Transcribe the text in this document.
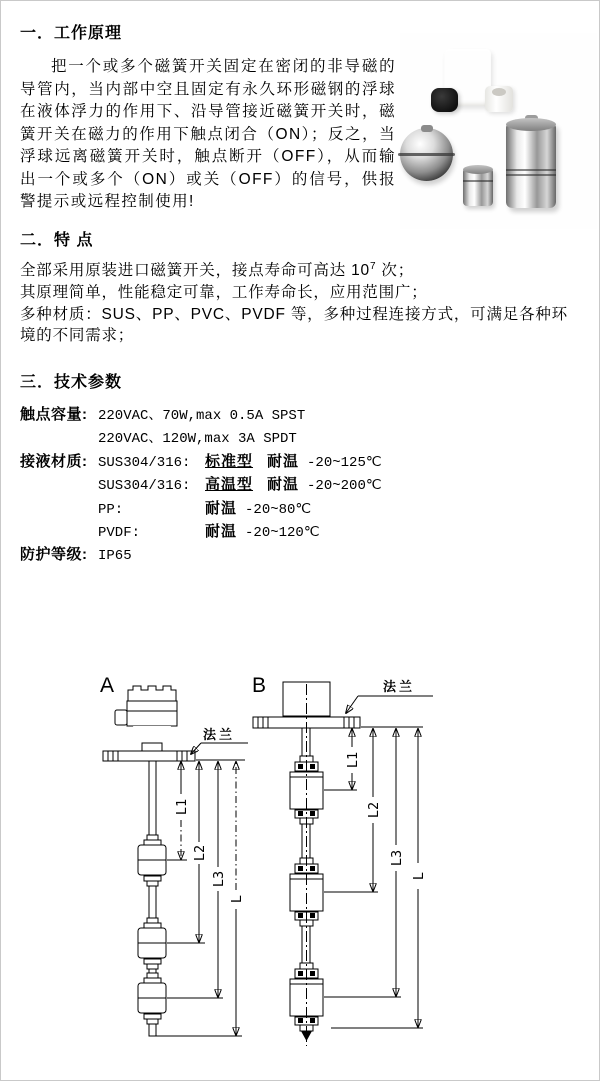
一．工作原理
把一个或多个磁簧开关固定在密闭的非导磁的导管内，当内部中空且固定有永久环形磁钢的浮球在液体浮力的作用下、沿导管接近磁簧开关时，磁簧开关在磁力的作用下触点闭合（ON）；反之，当浮球远离磁簧开关时，触点断开（OFF），从而输出一个或多个（ON）或关（OFF）的信号，供报警提示或远程控制使用!
二．特 点
全部采用原装进口磁簧开关，接点寿命可高达 $10^7$ 次；
其原理简单，性能稳定可靠，工作寿命长，应用范围广；
多种材质：SUS、PP、PVC、PVDF 等，多种过程连接方式，可满足各种环境的不同需求；
三．技术参数
触点容量: 220VAC、70W,max 0.5A SPST
220VAC、120W,max 3A SPDT
接液材质: SUS304/316: 标准型 耐温 -20~125℃
SUS304/316: 高温型 耐温 -20~200℃
PP:	耐温 -20~80℃
PVDF:	耐温 -20~120℃
防护等级: IP65
A
法兰
L1
L2
L3
L
B	法兰
L1
L2
L3
L
